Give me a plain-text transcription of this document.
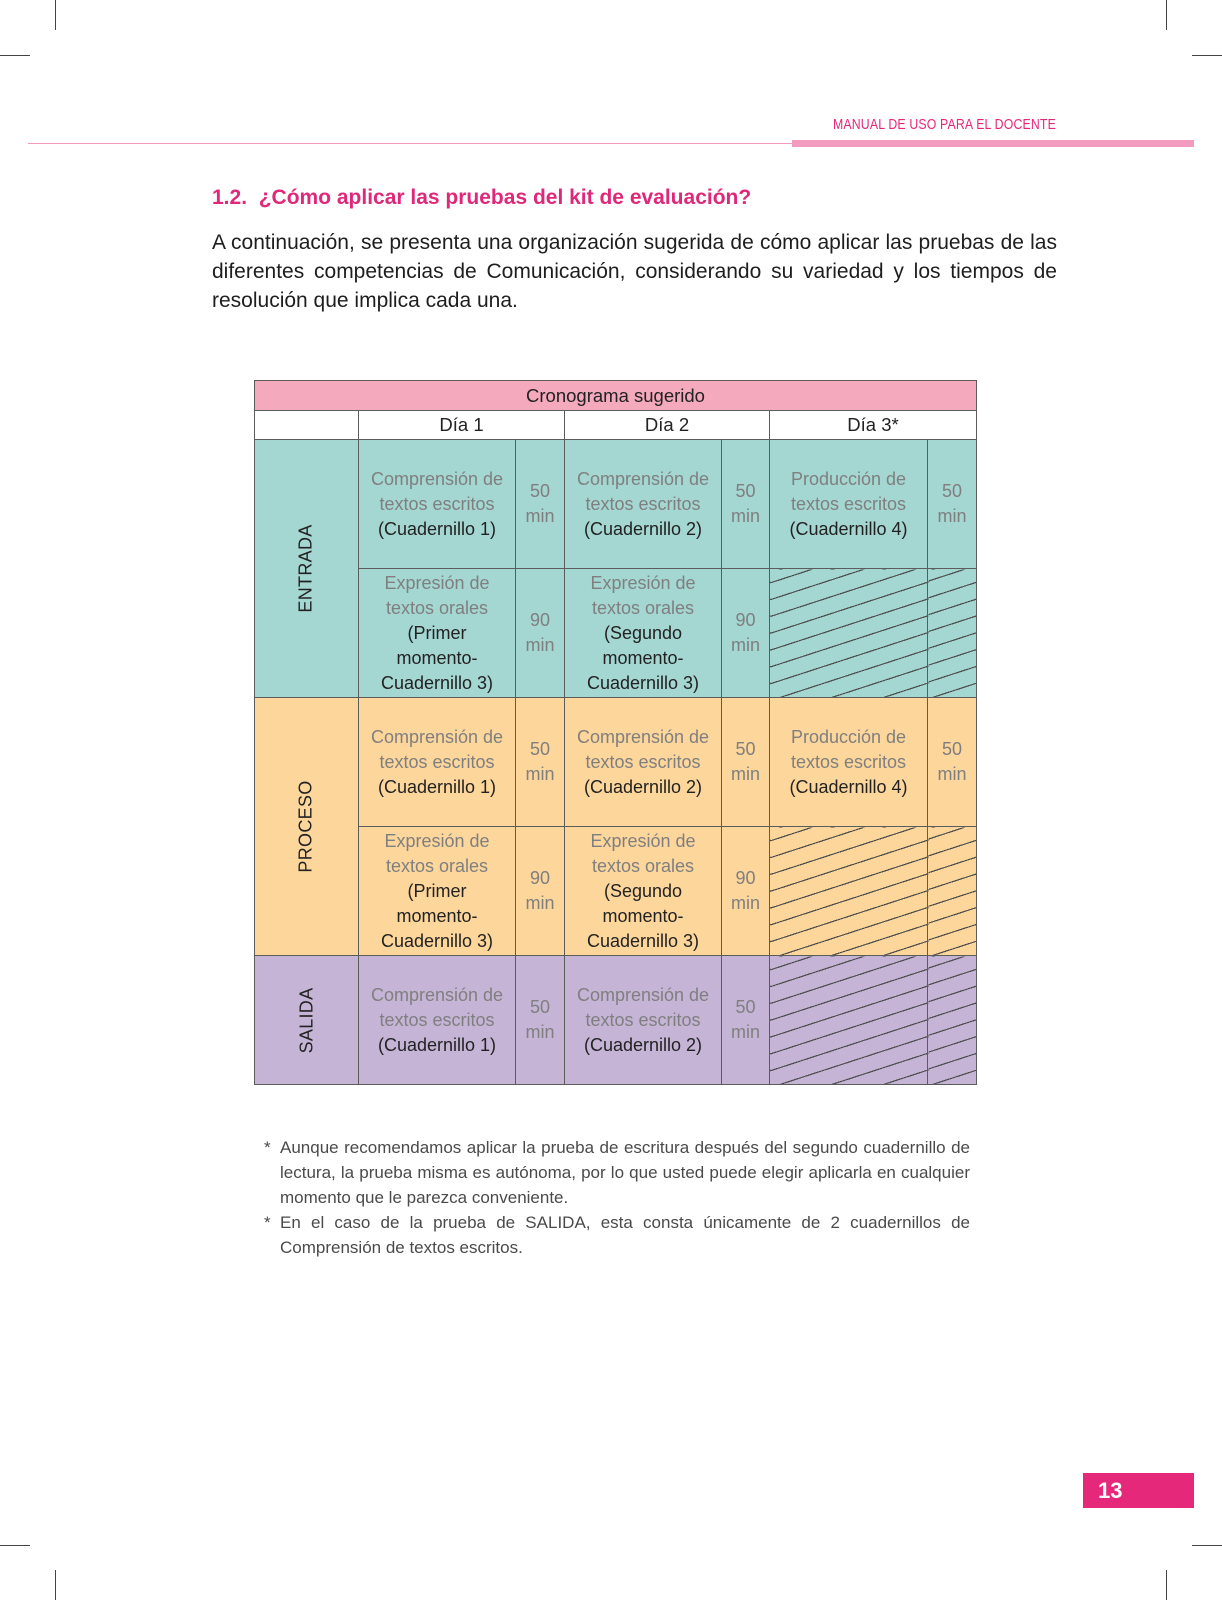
MANUAL DE USO PARA EL DOCENTE
1.2. ¿Cómo aplicar las pruebas del kit de evaluación?

A continuación, se presenta una organización sugerida de cómo aplicar las pruebas de las diferentes competencias de Comunicación, considerando su variedad y los tiempos de resolución que implica cada una.

Cronograma sugerido						
	Día 1		Día 2		Día 3*	
ENTRADA	Comprensión de
textos escritos
(Cuadernillo 1)	50
min	Comprensión de
textos escritos
(Cuadernillo 2)	50
min	Producción de
textos escritos
(Cuadernillo 4)	50
min

	Expresión de
textos orales
(Primer
momento-
Cuadernillo 3)	90
min	Expresión de
textos orales
(Segundo
momento-
Cuadernillo 3)	90
min		

PROCESO	Comprensión de
textos escritos
(Cuadernillo 1)	50
min	Comprensión de
textos escritos
(Cuadernillo 2)	50
min	Producción de
textos escritos
(Cuadernillo 4)	50
min

	Expresión de
textos orales
(Primer
momento-
Cuadernillo 3)	90
min	Expresión de
textos orales
(Segundo
momento-
Cuadernillo 3)	90
min		

SALIDA	Comprensión de
textos escritos
(Cuadernillo 1)	50
min	Comprensión de
textos escritos
(Cuadernillo 2)	50
min		

* Aunque recomendamos aplicar la prueba de escritura después del segundo cuadernillo de lectura, la prueba misma es autónoma, por lo que usted puede elegir aplicarla en cualquier momento que le parezca conveniente.
* En el caso de la prueba de SALIDA, esta consta únicamente de 2 cuadernillos de Comprensión de textos escritos.
13
